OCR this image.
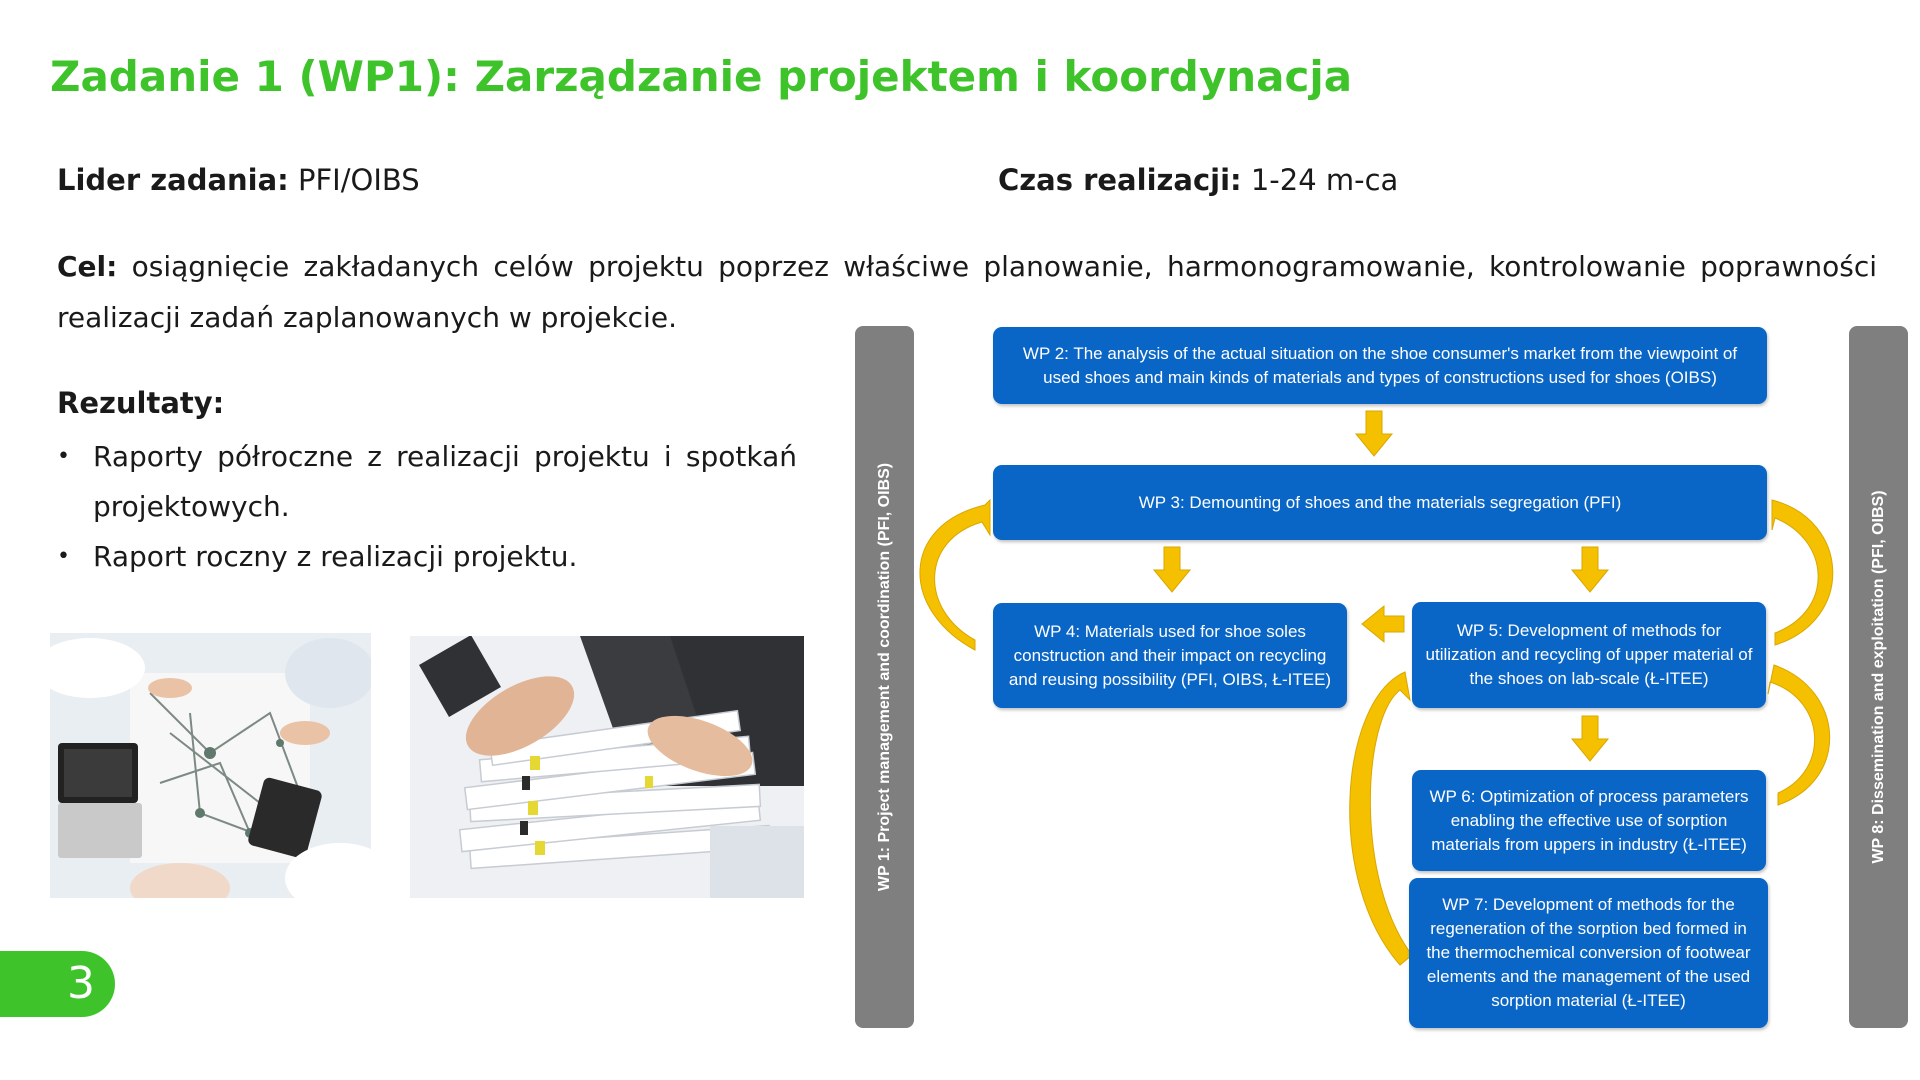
Zadanie 1 (WP1): Zarządzanie projektem i koordynacja
Lider zadania: PFI/OIBS	Czas realizacji: 1-24 m-ca
Cel: osiągnięcie zakładanych celów projektu poprzez właściwe planowanie, harmonogramowanie, kontrolowanie poprawności realizacji zadań zaplanowanych w projekcie.
Rezultaty:
• Raporty półroczne z realizacji projektu i spotkań projektowych.
• Raport roczny z realizacji projektu.	WP 1: Project management and coordination (PFI, OIBS)	WP 8: Dissemination and exploitation (PFI, OIBS)
WP 2: The analysis of the actual situation on the shoe consumer's market from the viewpoint of used shoes and main kinds of materials and types of constructions used for shoes (OIBS)
WP 3: Demounting of shoes and the materials segregation (PFI)
WP 4: Materials used for shoe soles construction and their impact on recycling and reusing possibility (PFI, OIBS, Ł-ITEE)
WP 5: Development of methods for utilization and recycling of upper material of the shoes on lab-scale (Ł-ITEE)
WP 6: Optimization of process parameters enabling the effective use of sorption materials from uppers in industry (Ł-ITEE)
WP 7: Development of methods for the regeneration of the sorption bed formed in the thermochemical conversion of footwear elements and the management of the used sorption material (Ł-ITEE)
3
